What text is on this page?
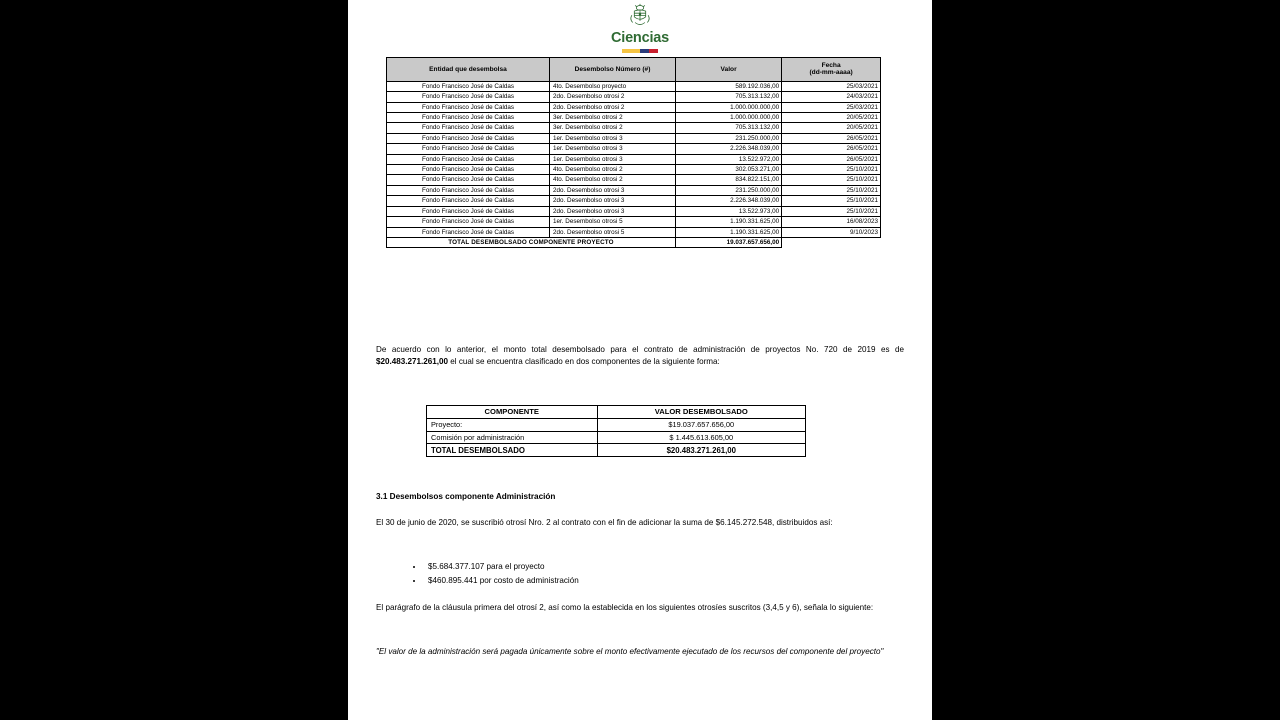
Ciencias
Entidad que desembolsa	Desembolso Número (#)	Valor	Fecha
(dd-mm-aaaa)

Fondo Francisco José de Caldas	4to. Desembolso proyecto	589.192.036,00	25/03/2021
Fondo Francisco José de Caldas	2do. Desembolso otrosi 2	705.313.132,00	24/03/2021
Fondo Francisco José de Caldas	2do. Desembolso otrosi 2	1.000.000.000,00	25/03/2021
Fondo Francisco José de Caldas	3er. Desembolso otrosi 2	1.000.000.000,00	20/05/2021
Fondo Francisco José de Caldas	3er. Desembolso otrosi 2	705.313.132,00	20/05/2021
Fondo Francisco José de Caldas	1er. Desembolso otrosi 3	231.250.000,00	26/05/2021
Fondo Francisco José de Caldas	1er. Desembolso otrosi 3	2.226.348.039,00	26/05/2021
Fondo Francisco José de Caldas	1er. Desembolso otrosi 3	13.522.972,00	26/05/2021
Fondo Francisco José de Caldas	4to. Desembolso otrosi 2	302.053.271,00	25/10/2021
Fondo Francisco José de Caldas	4to. Desembolso otrosi 2	834.822.151,00	25/10/2021
Fondo Francisco José de Caldas	2do. Desembolso otrosi 3	231.250.000,00	25/10/2021
Fondo Francisco José de Caldas	2do. Desembolso otrosi 3	2.226.348.039,00	25/10/2021
Fondo Francisco José de Caldas	2do. Desembolso otrosi 3	13.522.973,00	25/10/2021
Fondo Francisco José de Caldas	1er. Desembolso otrosi 5	1.190.331.625,00	16/08/2023
Fondo Francisco José de Caldas	2do. Desembolso otrosi 5	1.190.331.625,00	9/10/2023
TOTAL DESEMBOLSADO COMPONENTE PROYECTO		19.037.657.656,00	
De acuerdo con lo anterior, el monto total desembolsado para el contrato de administración de proyectos No. 720 de 2019 es de $20.483.271.261,00 el cual se encuentra clasificado en dos componentes de la siguiente forma:
COMPONENTE	VALOR DESEMBOLSADO
Proyecto:	$19.037.657.656,00
Comisión por administración	$ 1.445.613.605,00
TOTAL DESEMBOLSADO	$20.483.271.261,00
3.1 Desembolsos componente Administración
El 30 de junio de 2020, se suscribió otrosí Nro. 2 al contrato con el fin de adicionar la suma de $6.145.272.548, distribuidos así:
• $5.684.377.107 para el proyecto
• $460.895.441 por costo de administración
El parágrafo de la cláusula primera del otrosí 2, así como la establecida en los siguientes otrosíes suscritos (3,4,5 y 6), señala lo siguiente:
"El valor de la administración será pagada únicamente sobre el monto efectivamente ejecutado de los recursos del componente del proyecto"
